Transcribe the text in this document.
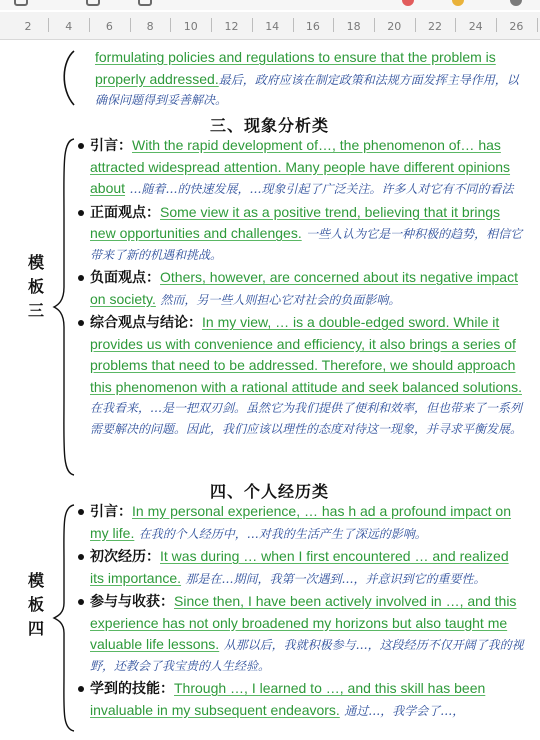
2	4	6	8	10 12 14 16 18 20 22 24 26
formulating policies and regulations to ensure that the problem is properly addressed.最后，政府应该在制定政策和法规方面发挥主导作用，以确保问题得到妥善解决。
三、现象分析类
模
板
三
引言：With the rapid development of…, the phenomenon of… has attracted widespread attention. Many people have different opinions about …随着…的快速发展，…现象引起了广泛关注。许多人对它有不同的看法
正面观点：Some view it as a positive trend, believing that it brings new opportunities and challenges. 一些人认为它是一种积极的趋势，相信它带来了新的机遇和挑战。
负面观点：Others, however, are concerned about its negative impact on society. 然而，另一些人则担心它对社会的负面影响。
综合观点与结论：In my view, … is a double-edged sword. While it provides us with convenience and efficiency, it also brings a series of problems that need to be addressed. Therefore, we should approach this phenomenon with a rational attitude and seek balanced solutions. 在我看来，…是一把双刃剑。虽然它为我们提供了便利和效率，但也带来了一系列需要解决的问题。因此，我们应该以理性的态度对待这一现象，并寻求平衡发展。
四、个人经历类
模
板
四
引言：In my personal experience, … has h ad a profound impact on my life. 在我的个人经历中，…对我的生活产生了深远的影响。
初次经历：It was during … when I first encountered … and realized its importance. 那是在…期间，我第一次遇到…，并意识到它的重要性。
参与与收获：Since then, I have been actively involved in …, and this experience has not only broadened my horizons but also taught me valuable life lessons. 从那以后，我就积极参与…，这段经历不仅开阔了我的视野，还教会了我宝贵的人生经验。
学到的技能：Through …, I learned to …, and this skill has been invaluable in my subsequent endeavors. 通过…，我学会了…，
